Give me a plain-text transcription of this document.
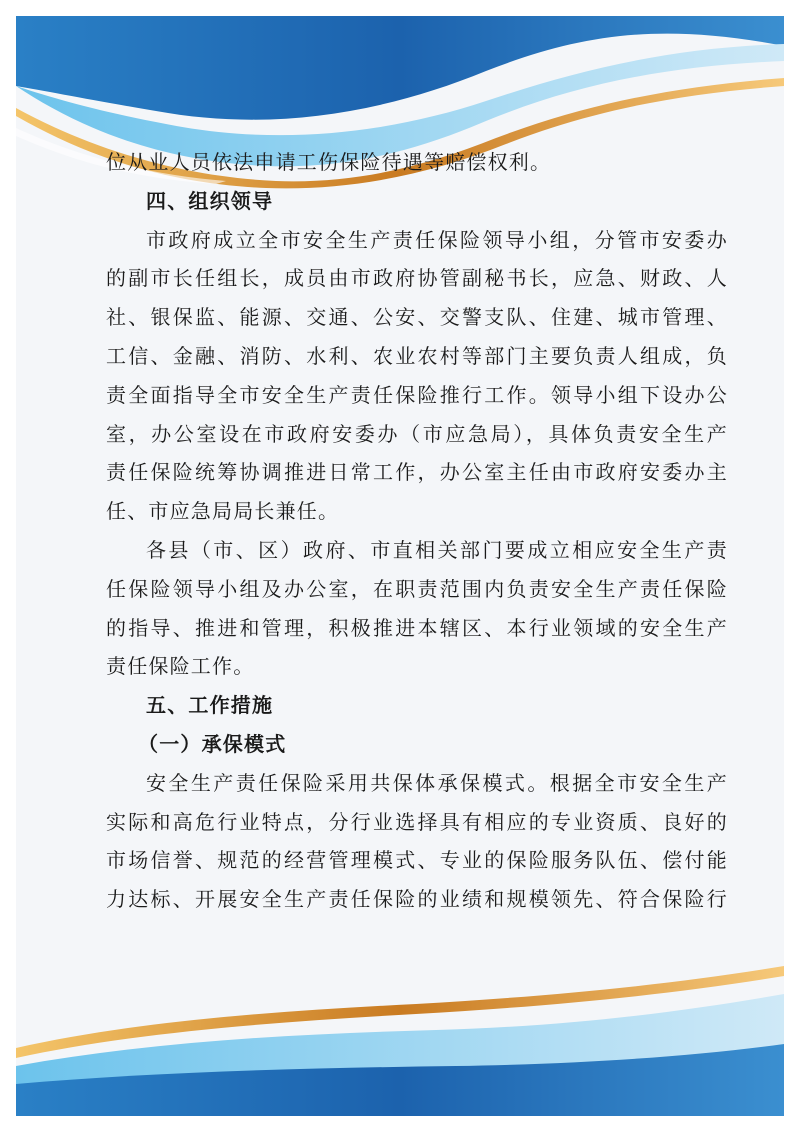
位从业人员依法申请工伤保险待遇等赔偿权利。
四、组织领导
市政府成立全市安全生产责任保险领导小组，分管市安委办
的副市长任组长，成员由市政府协管副秘书长，应急、财政、人
社、银保监、能源、交通、公安、交警支队、住建、城市管理、
工信、金融、消防、水利、农业农村等部门主要负责人组成，负
责全面指导全市安全生产责任保险推行工作。领导小组下设办公
室，办公室设在市政府安委办（市应急局），具体负责安全生产
责任保险统筹协调推进日常工作，办公室主任由市政府安委办主
任、市应急局局长兼任。
各县（市、区）政府、市直相关部门要成立相应安全生产责
任保险领导小组及办公室，在职责范围内负责安全生产责任保险
的指导、推进和管理，积极推进本辖区、本行业领域的安全生产
责任保险工作。
五、工作措施
（一）承保模式
安全生产责任保险采用共保体承保模式。根据全市安全生产
实际和高危行业特点，分行业选择具有相应的专业资质、良好的
市场信誉、规范的经营管理模式、专业的保险服务队伍、偿付能
力达标、开展安全生产责任保险的业绩和规模领先、符合保险行
